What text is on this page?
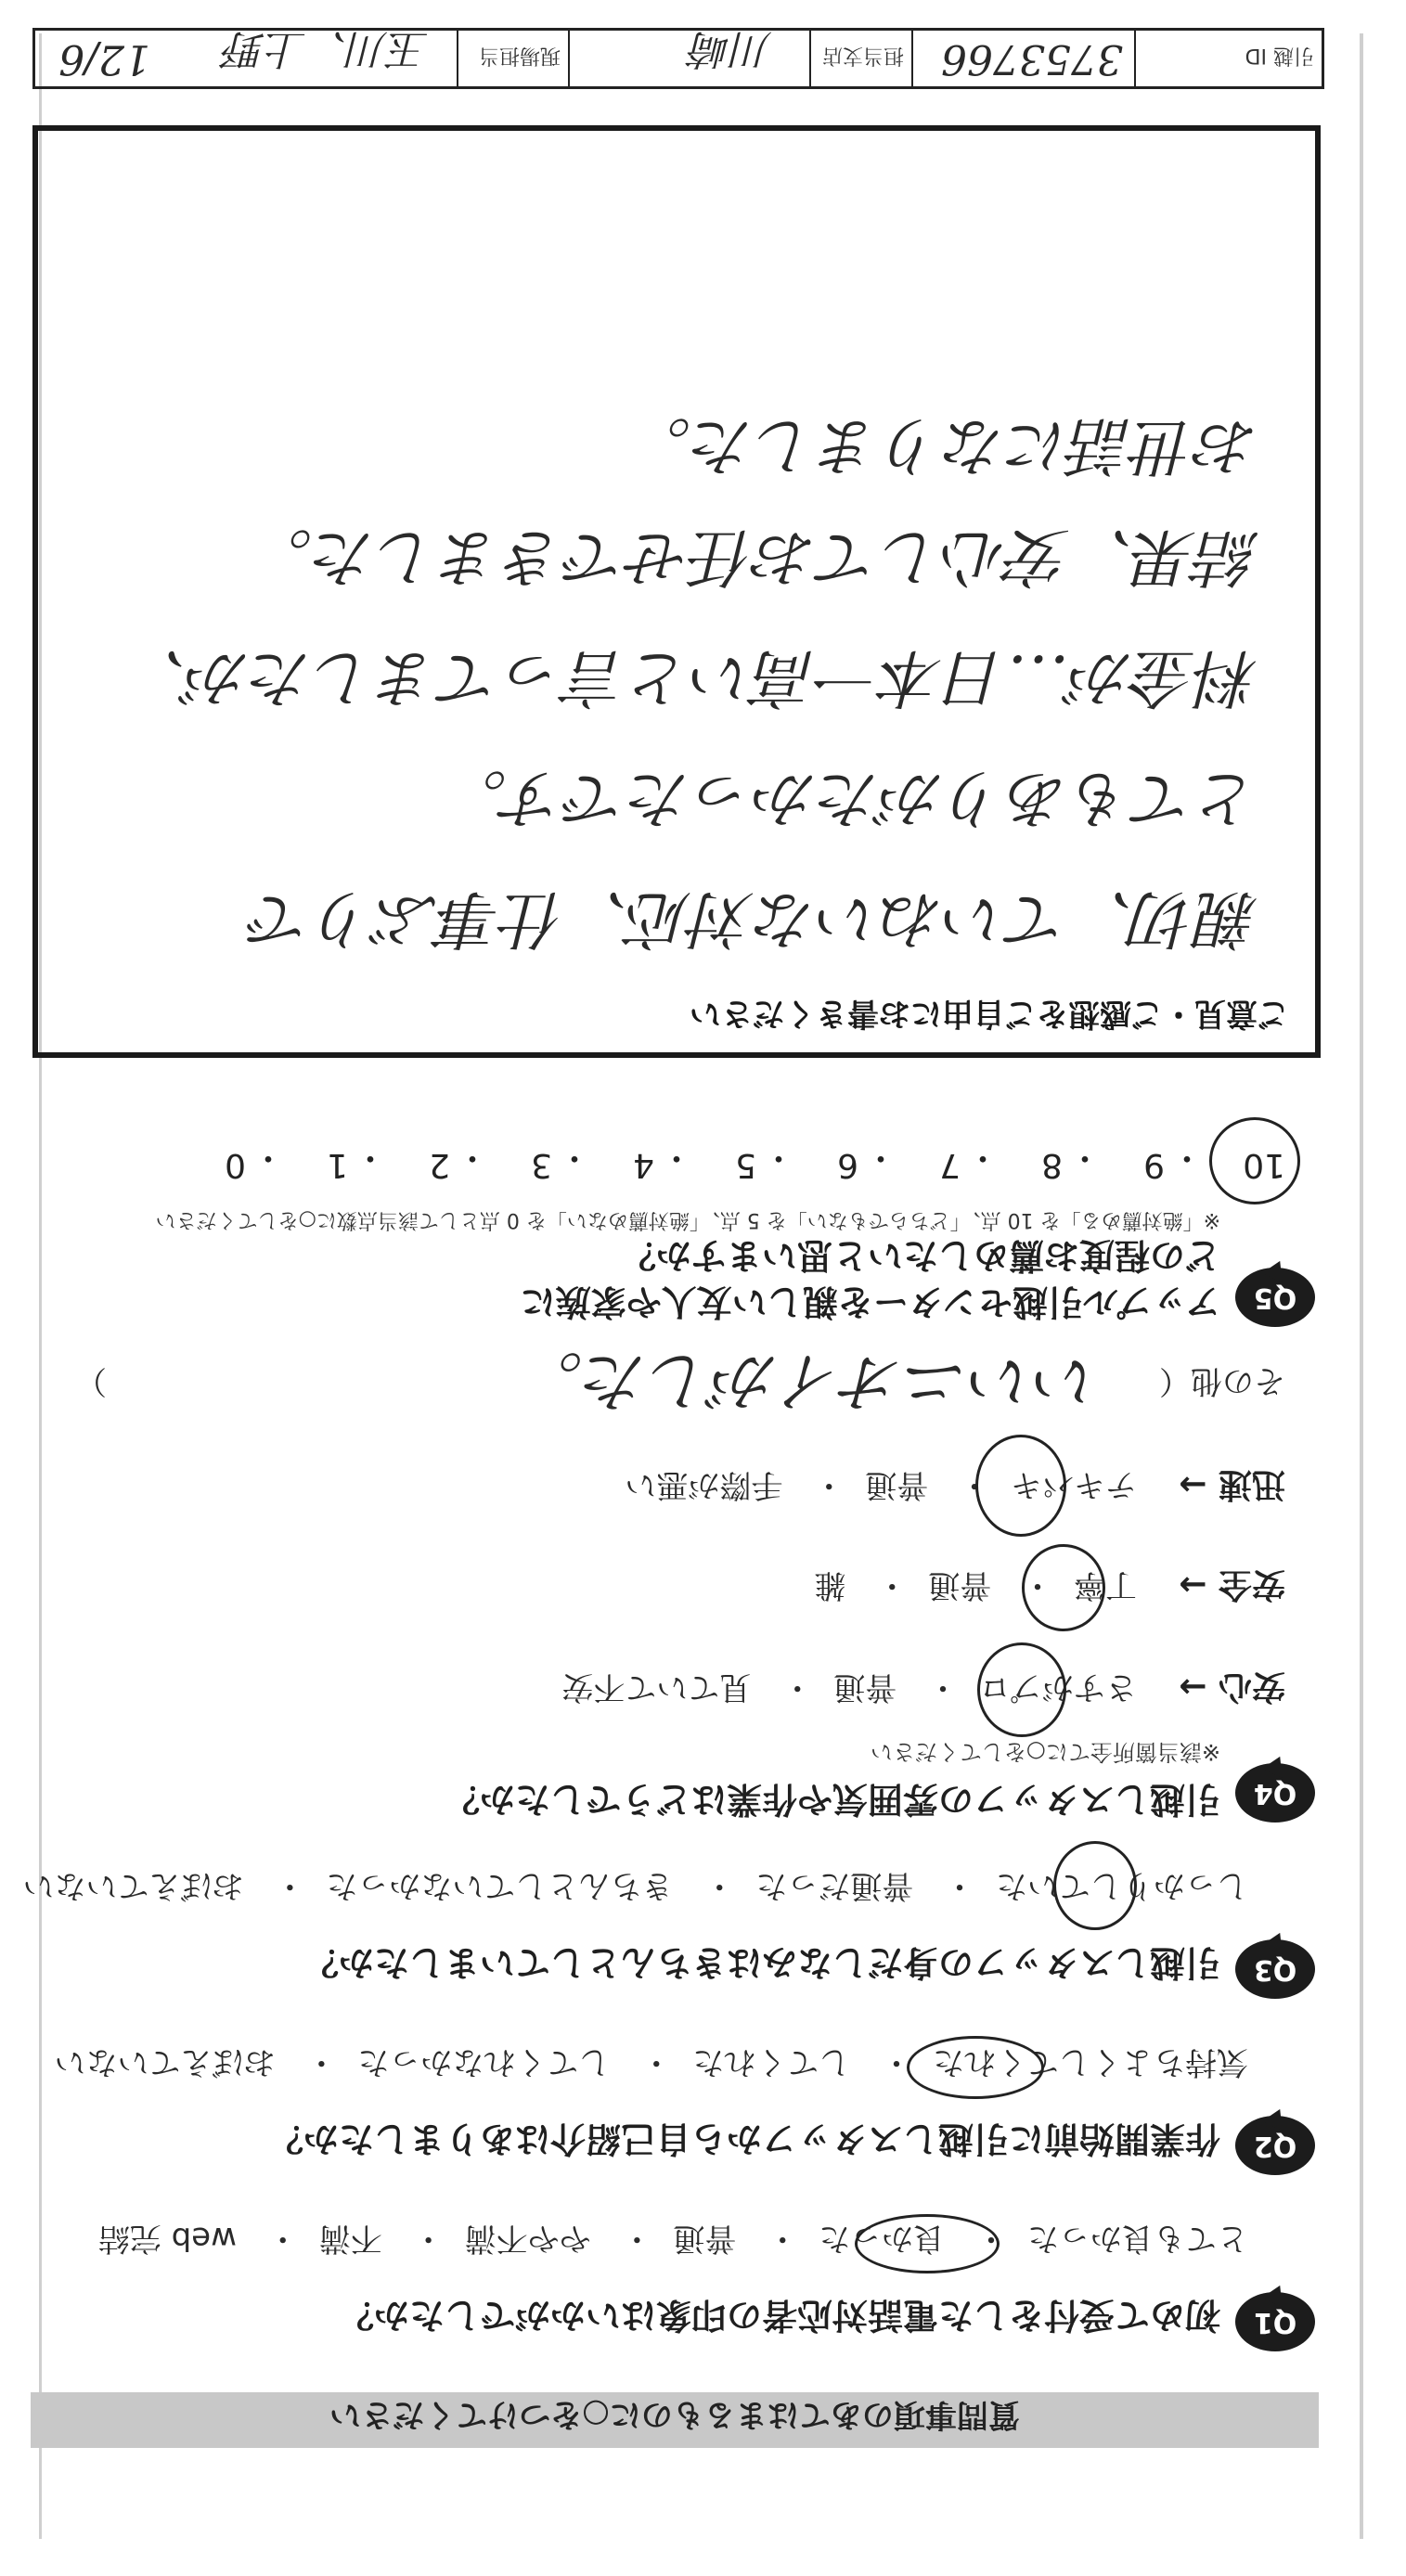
質問事項のあてはまるものに○をつけてください
Q1
初めて受付をした電話対応者の印象はいかがでしたか？
とても良かった・ 良かった・ 普通・ やや不満・ 不満・ web 完結
Q2
作業開始前に引越しスタッフから自己紹介はありましたか？
気持ちよくしてくれた・ してくれた・ してくれなかった・ おぼえていない
Q3
引越しスタッフの身だしなみはきちんとしていましたか？
しっかりしていた・ 普通だった・ きちんとしていなかった・ おぼえていない
Q4
引越しスタッフの雰囲気や作業はどうでしたか？
※該当箇所全てに○をしてください
安心 →
さすがプロ・ 普通・ 見ていて不安
安全 →
丁寧・ 普通・ 雑
迅速 →
テキパキ・ 普通・ 手際が悪い
その他（
いいニオイがした。
）
Q5
アップル引越センターを親しい友人や家族に
どの程度お薦めしたいと思いますか？
※「絶対薦める」を 10 点、「どちらでもない」を 5 点、「絶対薦めない」を 0 点として該当点数に○をしてください
10
・
9
・
8
・
7
・
6
・
5
・
4
・
3
・
2
・
1
・
0
ご意見・ご感想をご自由にお書きください
親切、ていねいな対応、仕事ぶりで
とてもありがたかったです。
料金が…日本一高いと言ってましたが、
結果、安心してお任せできました。
お世話になりました。
引越 ID
3753766
担当支店
川崎
現場担当
玉川、上野
12/6
